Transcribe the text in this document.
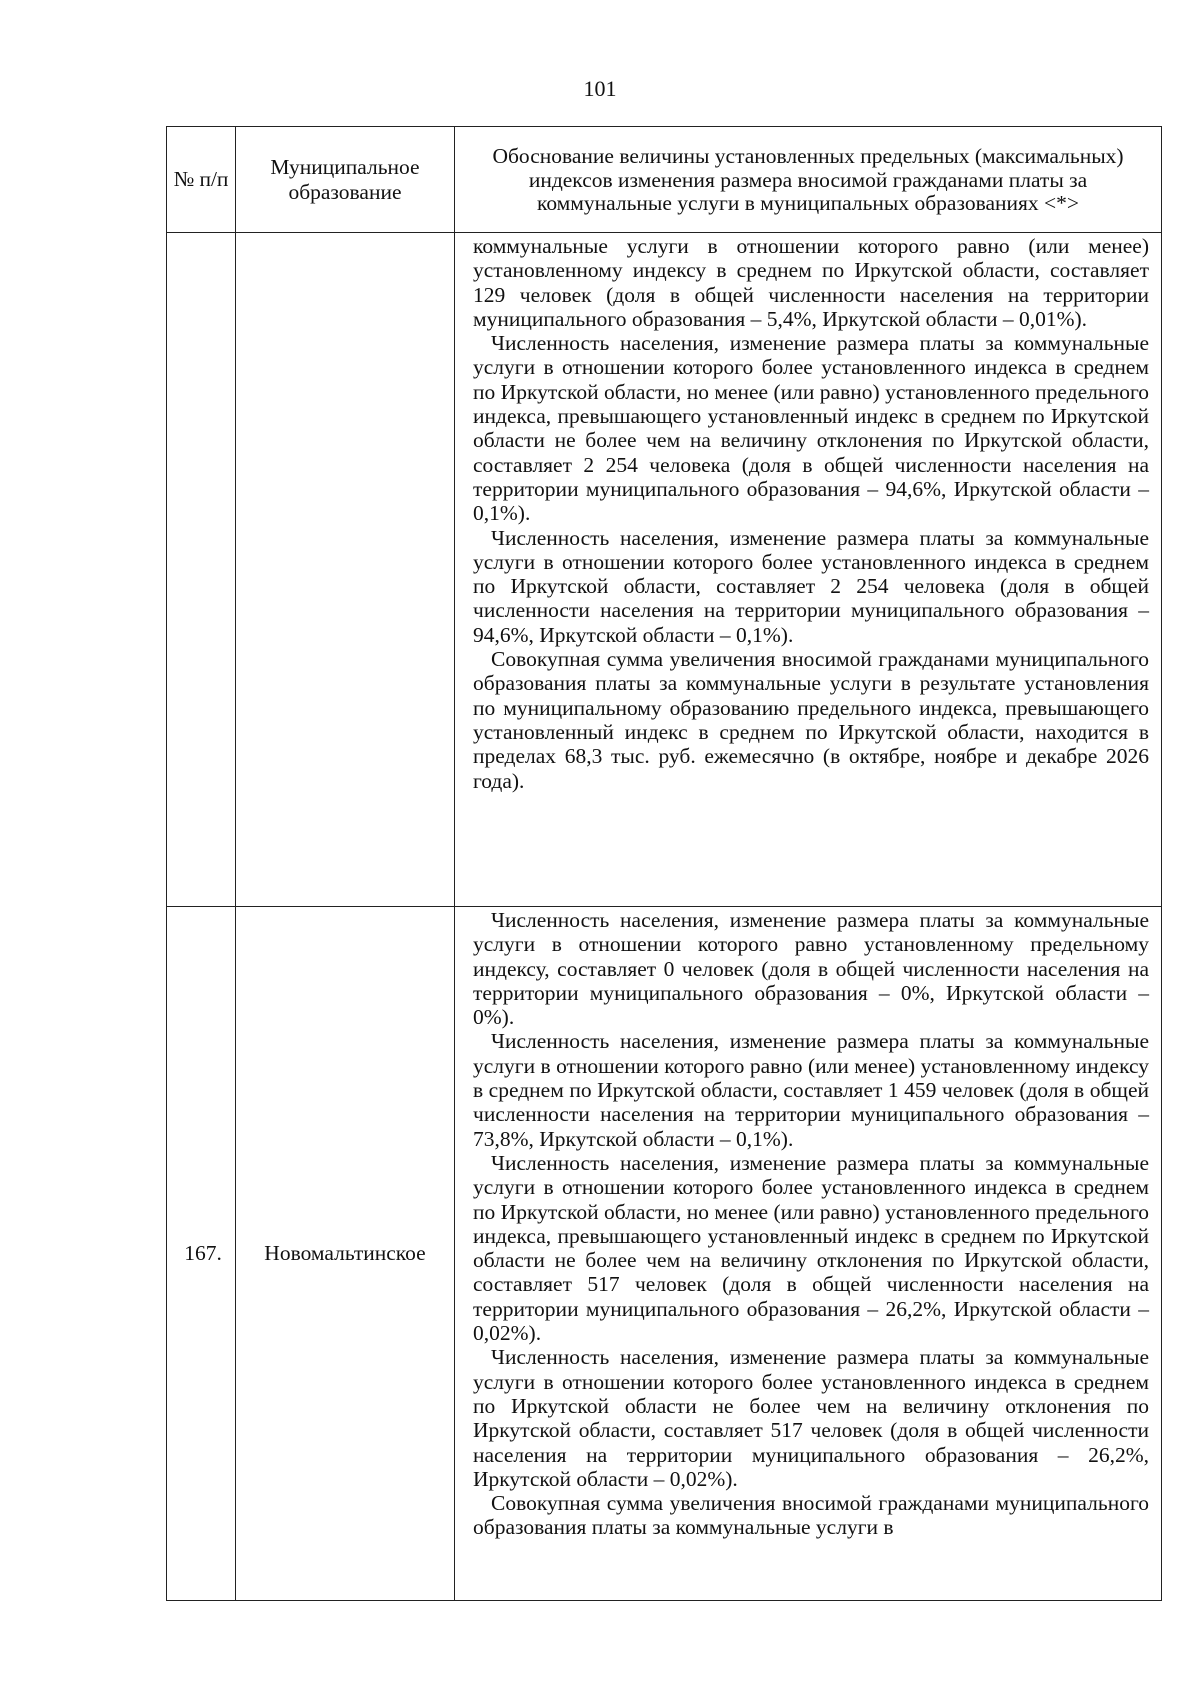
101
№ п/п	Муниципальное образование	Обоснование величины установленных предельных (максимальных) индексов изменения размера вносимой гражданами платы за коммунальные услуги в муниципальных образованиях <*>

		коммунальные услуги в отношении которого равно (или менее) установленному индексу в среднем по Иркутской области, составляет 129 человек (доля в общей численности населения на территории муниципального образования – 5,4%, Иркутской области – 0,01%).

Численность населения, изменение размера платы за коммунальные услуги в отношении которого более установленного индекса в среднем по Иркутской области, но менее (или равно) установленного предельного индекса, превышающего установленный индекс в среднем по Иркутской области не более чем на величину отклонения по Иркутской области, составляет 2 254 человека (доля в общей численности населения на территории муниципального образования – 94,6%, Иркутской области – 0,1%).

Численность населения, изменение размера платы за коммунальные услуги в отношении которого более установленного индекса в среднем по Иркутской области, составляет 2 254 человека (доля в общей численности населения на территории муниципального образования – 94,6%, Иркутской области – 0,1%).

Совокупная сумма увеличения вносимой гражданами муниципального образования платы за коммунальные услуги в результате установления по муниципальному образованию предельного индекса, превышающего установленный индекс в среднем по Иркутской области, находится в пределах 68,3 тыс. руб. ежемесячно (в октябре, ноябре и декабре 2026 года).

167.	Новомальтинское	Численность населения, изменение размера платы за коммунальные услуги в отношении которого равно установленному предельному индексу, составляет 0 человек (доля в общей численности населения на территории муниципального образования – 0%, Иркутской области – 0%).

Численность населения, изменение размера платы за коммунальные услуги в отношении которого равно (или менее) установленному индексу в среднем по Иркутской области, составляет 1 459 человек (доля в общей численности населения на территории муниципального образования – 73,8%, Иркутской области – 0,1%).

Численность населения, изменение размера платы за коммунальные услуги в отношении которого более установленного индекса в среднем по Иркутской области, но менее (или равно) установленного предельного индекса, превышающего установленный индекс в среднем по Иркутской области не более чем на величину отклонения по Иркутской области, составляет 517 человек (доля в общей численности населения на территории муниципального образования – 26,2%, Иркутской области – 0,02%).

Численность населения, изменение размера платы за коммунальные услуги в отношении которого более установленного индекса в среднем по Иркутской области не более чем на величину отклонения по Иркутской области, составляет 517 человек (доля в общей численности населения на территории муниципального образования – 26,2%, Иркутской области – 0,02%).

Совокупная сумма увеличения вносимой гражданами муниципального образования платы за коммунальные услуги в
